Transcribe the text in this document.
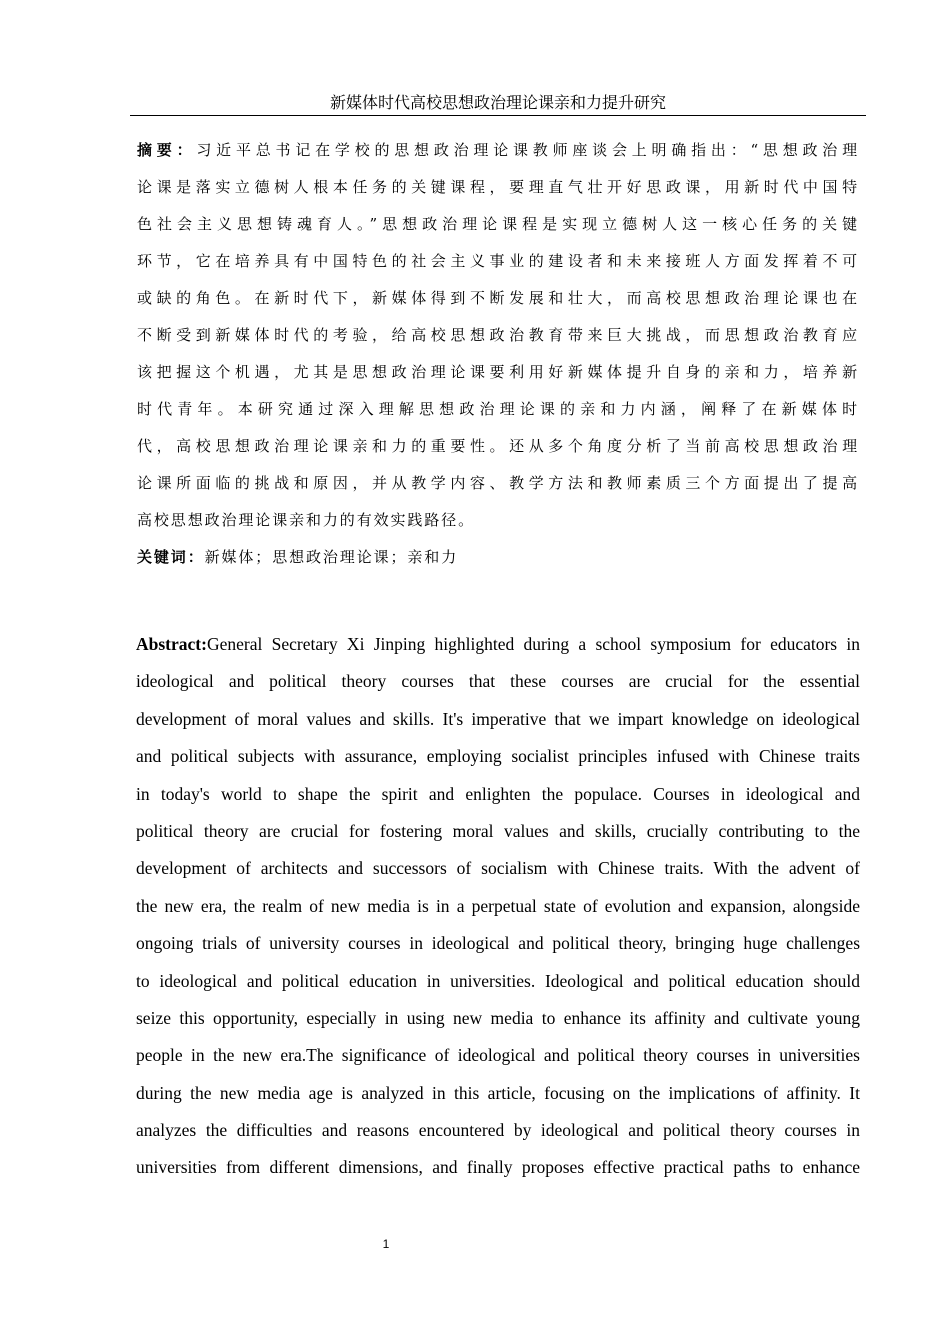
新媒体时代高校思想政治理论课亲和力提升研究
摘要：习近平总书记在学校的思想政治理论课教师座谈会上明确指出：“思想政治理
论课是落实立德树人根本任务的关键课程，要理直气壮开好思政课，用新时代中国特
色社会主义思想铸魂育人。”思想政治理论课程是实现立德树人这一核心任务的关键
环节，它在培养具有中国特色的社会主义事业的建设者和未来接班人方面发挥着不可
或缺的角色。在新时代下，新媒体得到不断发展和壮大，而高校思想政治理论课也在
不断受到新媒体时代的考验，给高校思想政治教育带来巨大挑战，而思想政治教育应
该把握这个机遇，尤其是思想政治理论课要利用好新媒体提升自身的亲和力，培养新
时代青年。本研究通过深入理解思想政治理论课的亲和力内涵，阐释了在新媒体时
代，高校思想政治理论课亲和力的重要性。还从多个角度分析了当前高校思想政治理
论课所面临的挑战和原因，并从教学内容、教学方法和教师素质三个方面提出了提高
高校思想政治理论课亲和力的有效实践路径。
关键词：新媒体；思想政治理论课；亲和力
Abstract:General Secretary Xi Jinping highlighted during a school symposium for educators in
ideological and political theory courses that these courses are crucial for the essential
development of moral values and skills. It's imperative that we impart knowledge on ideological
and political subjects with assurance, employing socialist principles infused with Chinese traits
in today's world to shape the spirit and enlighten the populace. Courses in ideological and
political theory are crucial for fostering moral values and skills, crucially contributing to the
development of architects and successors of socialism with Chinese traits. With the advent of
the new era, the realm of new media is in a perpetual state of evolution and expansion, alongside
ongoing trials of university courses in ideological and political theory, bringing huge challenges
to ideological and political education in universities. Ideological and political education should
seize this opportunity, especially in using new media to enhance its affinity and cultivate young
people in the new era.The significance of ideological and political theory courses in universities
during the new media age is analyzed in this article, focusing on the implications of affinity. It
analyzes the difficulties and reasons encountered by ideological and political theory courses in
universities from different dimensions, and finally proposes effective practical paths to enhance
1
